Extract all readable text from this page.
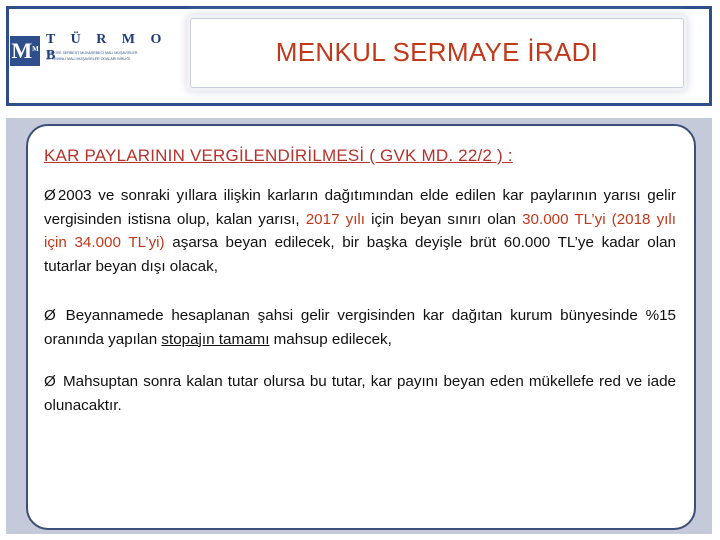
$M^M$
T Ü R M O B
TÜRKİYE SERBEST MUHASEBECİ MALİ MÜŞAVİRLER
VE YEMİNLİ MALİ MÜŞAVİRLER ODALARI BİRLİĞİ	MENKUL SERMAYE İRADI
KAR PAYLARININ VERGİLENDİRİLMESİ ( GVK MD. 22/2 ) :
Ø 2003 ve sonraki yıllara ilişkin karların dağıtımından elde edilen kar paylarının yarısı gelir vergisinden istisna olup, kalan yarısı, 2017 yılı için beyan sınırı olan 30.000 TL’yi (2018 yılı için 34.000 TL’yi) aşarsa beyan edilecek, bir başka deyişle brüt 60.000 TL’ye kadar olan tutarlar beyan dışı olacak,
Ø Beyannamede hesaplanan şahsi gelir vergisinden kar dağıtan kurum bünyesinde %15 oranında yapılan stopajın tamamı mahsup edilecek,
Ø Mahsuptan sonra kalan tutar olursa bu tutar, kar payını beyan eden mükellefe red ve iade olunacaktır.
